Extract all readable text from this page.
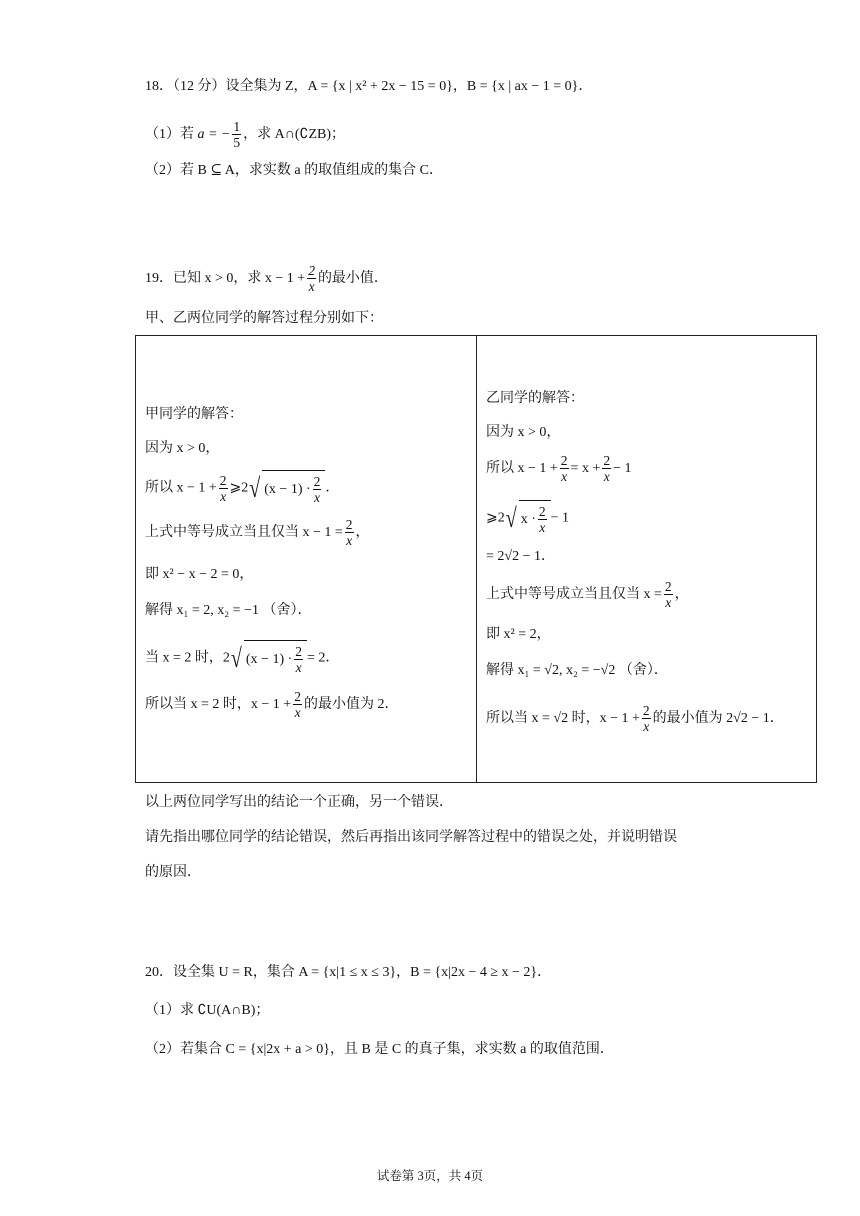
18．（12 分）设全集为 Z，A = {x | x² + 2x − 15 = 0}，B = {x | ax − 1 = 0}．
（1）若 a = − $\frac{1}{5}$ ，求 A∩(∁ZB)；
（2）若 B ⊆ A，求实数 a 的取值组成的集合 C．
19．已知 x > 0，求 $x - 1 + \frac{2}{x}$ 的最小值．
甲、乙两位同学的解答过程分别如下：
甲同学的解答：
因为 x > 0，
所以 $x - 1 + \frac{2}{x}$ ⩾2√ $(x - 1) \cdot \frac{2}{x}$ ．
上式中等号成立当且仅当 $x - 1 = \frac{2}{x}$ ，
即 x² − x − 2 = 0，
解得 x₁ = 2, x₂ = −1 （舍）．
当 x = 2 时，2√ $(x - 1) \cdot \frac{2}{x} = 2$．
所以当 x = 2 时，$x - 1 + \frac{2}{x}$ 的最小值为 2．
乙同学的解答：
因为 x > 0，
所以 $x - 1 + \frac{2}{x} = x + \frac{2}{x} - 1$
⩾2√ $x \cdot \frac{2}{x} - 1$
= 2√2 − 1．
上式中等号成立当且仅当 $x = \frac{2}{x}$ ，
即 x² = 2，
解得 x₁ = √2, x₂ = −√2 （舍）．
所以当 x = √2 时，$x - 1 + \frac{2}{x}$ 的最小值为 2√2 − 1．
以上两位同学写出的结论一个正确，另一个错误．
请先指出哪位同学的结论错误，然后再指出该同学解答过程中的错误之处，并说明错误
的原因．
20．设全集 U = R，集合 A = {x|1 ≤ x ≤ 3}，B = {x|2x − 4 ≥ x − 2}．
（1）求 ∁U(A∩B)；
（2）若集合 C = {x|2x + a > 0}，且 B 是 C 的真子集，求实数 a 的取值范围．
试卷第 3页，共 4页
